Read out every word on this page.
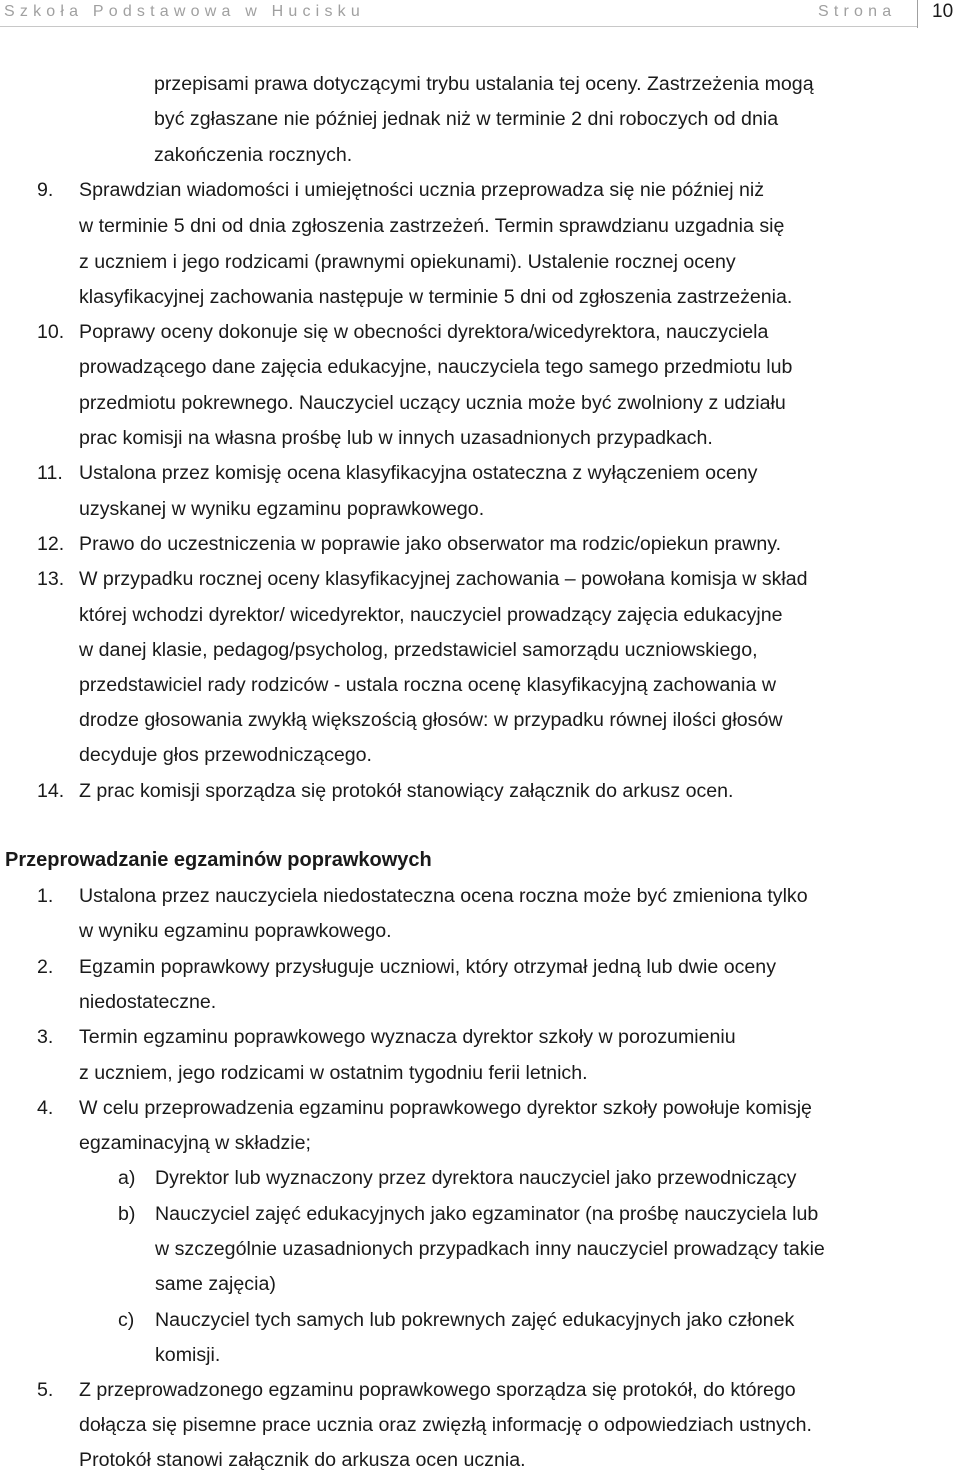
Szkoła Podstawowa w Hucisku	Strona 10
przepisami prawa dotyczącymi trybu ustalania tej oceny. Zastrzeżenia mogą
być zgłaszane nie później jednak niż w terminie 2 dni roboczych od dnia
zakończenia rocznych.
9. Sprawdzian wiadomości i umiejętności ucznia przeprowadza się nie później niż
w terminie 5 dni od dnia zgłoszenia zastrzeżeń. Termin sprawdzianu uzgadnia się
z uczniem i jego rodzicami (prawnymi opiekunami). Ustalenie rocznej oceny
klasyfikacyjnej zachowania następuje w terminie 5 dni od zgłoszenia zastrzeżenia.
10. Poprawy oceny dokonuje się w obecności dyrektora/wicedyrektora, nauczyciela
prowadzącego dane zajęcia edukacyjne, nauczyciela tego samego przedmiotu lub
przedmiotu pokrewnego. Nauczyciel uczący ucznia może być zwolniony z udziału
prac komisji na własna prośbę lub w innych uzasadnionych przypadkach.
11. Ustalona przez komisję ocena klasyfikacyjna ostateczna z wyłączeniem oceny
uzyskanej w wyniku egzaminu poprawkowego.
12. Prawo do uczestniczenia w poprawie jako obserwator ma rodzic/opiekun prawny.
13. W przypadku rocznej oceny klasyfikacyjnej zachowania – powołana komisja w skład
której wchodzi dyrektor/ wicedyrektor, nauczyciel prowadzący zajęcia edukacyjne
w danej klasie, pedagog/psycholog, przedstawiciel samorządu uczniowskiego,
przedstawiciel rady rodziców - ustala roczna ocenę klasyfikacyjną zachowania w
drodze głosowania zwykłą większością głosów: w przypadku równej ilości głosów
decyduje głos przewodniczącego.
14. Z prac komisji sporządza się protokół stanowiący załącznik do arkusz ocen.
Przeprowadzanie egzaminów poprawkowych
1. Ustalona przez nauczyciela niedostateczna ocena roczna może być zmieniona tylko
w wyniku egzaminu poprawkowego.
2. Egzamin poprawkowy przysługuje uczniowi, który otrzymał jedną lub dwie oceny
niedostateczne.
3. Termin egzaminu poprawkowego wyznacza dyrektor szkoły w porozumieniu
z uczniem, jego rodzicami w ostatnim tygodniu ferii letnich.
4. W celu przeprowadzenia egzaminu poprawkowego dyrektor szkoły powołuje komisję
egzaminacyjną w składzie;
a) Dyrektor lub wyznaczony przez dyrektora nauczyciel jako przewodniczący
b) Nauczyciel zajęć edukacyjnych jako egzaminator (na prośbę nauczyciela lub
w szczególnie uzasadnionych przypadkach inny nauczyciel prowadzący takie
same zajęcia)
c) Nauczyciel tych samych lub pokrewnych zajęć edukacyjnych jako członek
komisji.
5. Z przeprowadzonego egzaminu poprawkowego sporządza się protokół, do którego
dołącza się pisemne prace ucznia oraz zwięzłą informację o odpowiedziach ustnych.
Protokół stanowi załącznik do arkusza ocen ucznia.
